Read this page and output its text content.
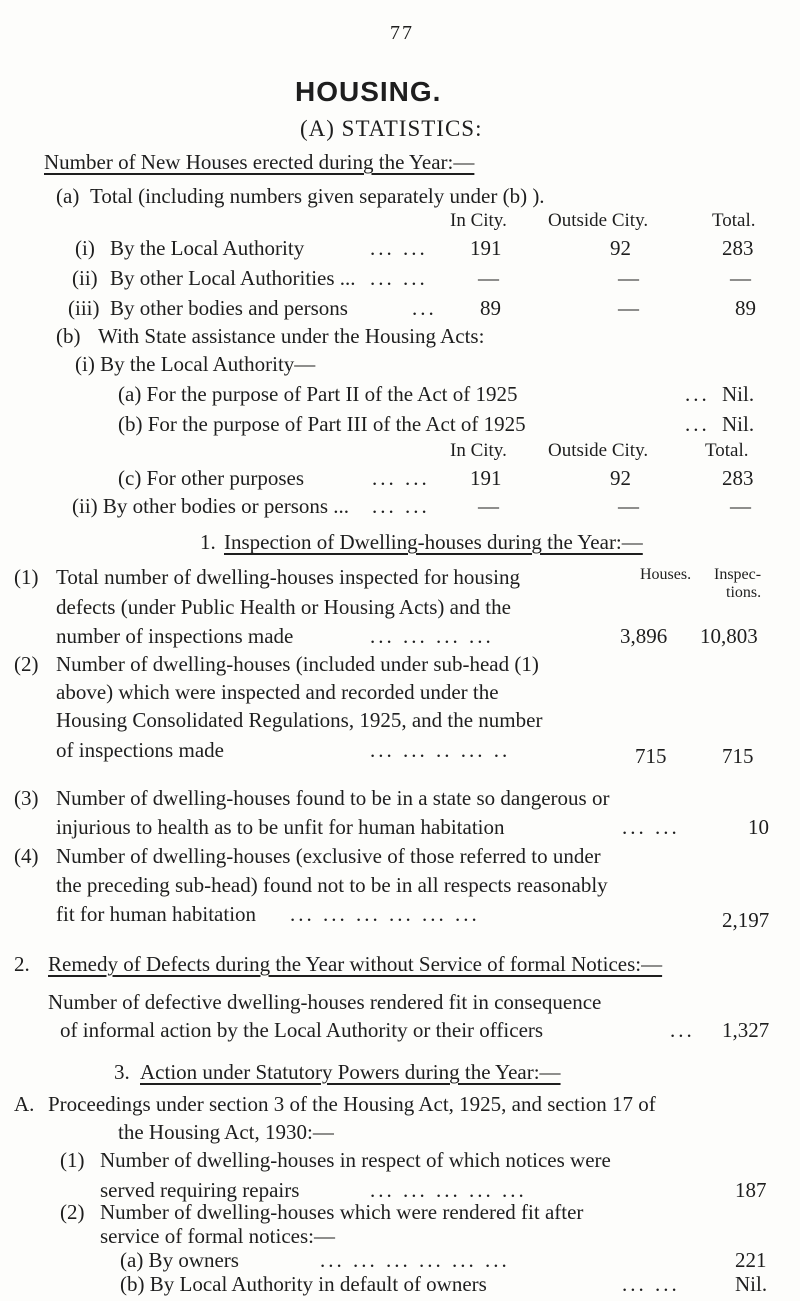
77
HOUSING.
(A) STATISTICS:
Number of New Houses erected during the Year:—
(a) Total (including numbers given separately under (b) ).
In City. Outside City.	Total.
(i) By the Local Authority	... ... 191	92	283
(ii) By other Local Authorities ... ... ... —	—	—
(iii) By other bodies and persons	... 89	—	89
(b) With State assistance under the Housing Acts:
(i) By the Local Authority—
(a) For the purpose of Part II of the Act of 1925	... Nil.
(b) For the purpose of Part III of the Act of 1925	... Nil.
In City. Outside City.	Total.
(c) For other purposes	... ... 191	92	283
(ii) By other bodies or persons ... ... ... —	—	—
1. Inspection of Dwelling-houses during the Year:—
Houses. Inspec-
tions.
(1) Total number of dwelling-houses inspected for housing
defects (under Public Health or Housing Acts) and the
number of inspections made	... ... ... ...	3,896 10,803
(2) Number of dwelling-houses (included under sub-head (1)
above) which were inspected and recorded under the
Housing Consolidated Regulations, 1925, and the number
of inspections made	... ... .. ... ..	715	715
(3) Number of dwelling-houses found to be in a state so dangerous or
injurious to health as to be unfit for human habitation	... ...	10
(4) Number of dwelling-houses (exclusive of those referred to under
the preceding sub-head) found not to be in all respects reasonably
fit for human habitation ... ... ... ... ... ...	2,197
2. Remedy of Defects during the Year without Service of formal Notices:—
Number of defective dwelling-houses rendered fit in consequence
of informal action by the Local Authority or their officers	... 1,327
3. Action under Statutory Powers during the Year:—
A. Proceedings under section 3 of the Housing Act, 1925, and section 17 of
the Housing Act, 1930:—
(1) Number of dwelling-houses in respect of which notices were
served requiring repairs	... ... ... ... ...	187
(2) Number of dwelling-houses which were rendered fit after
service of formal notices:—
(a) By owners	... ... ... ... ... ...	221
(b) By Local Authority in default of owners	... ...	Nil.
